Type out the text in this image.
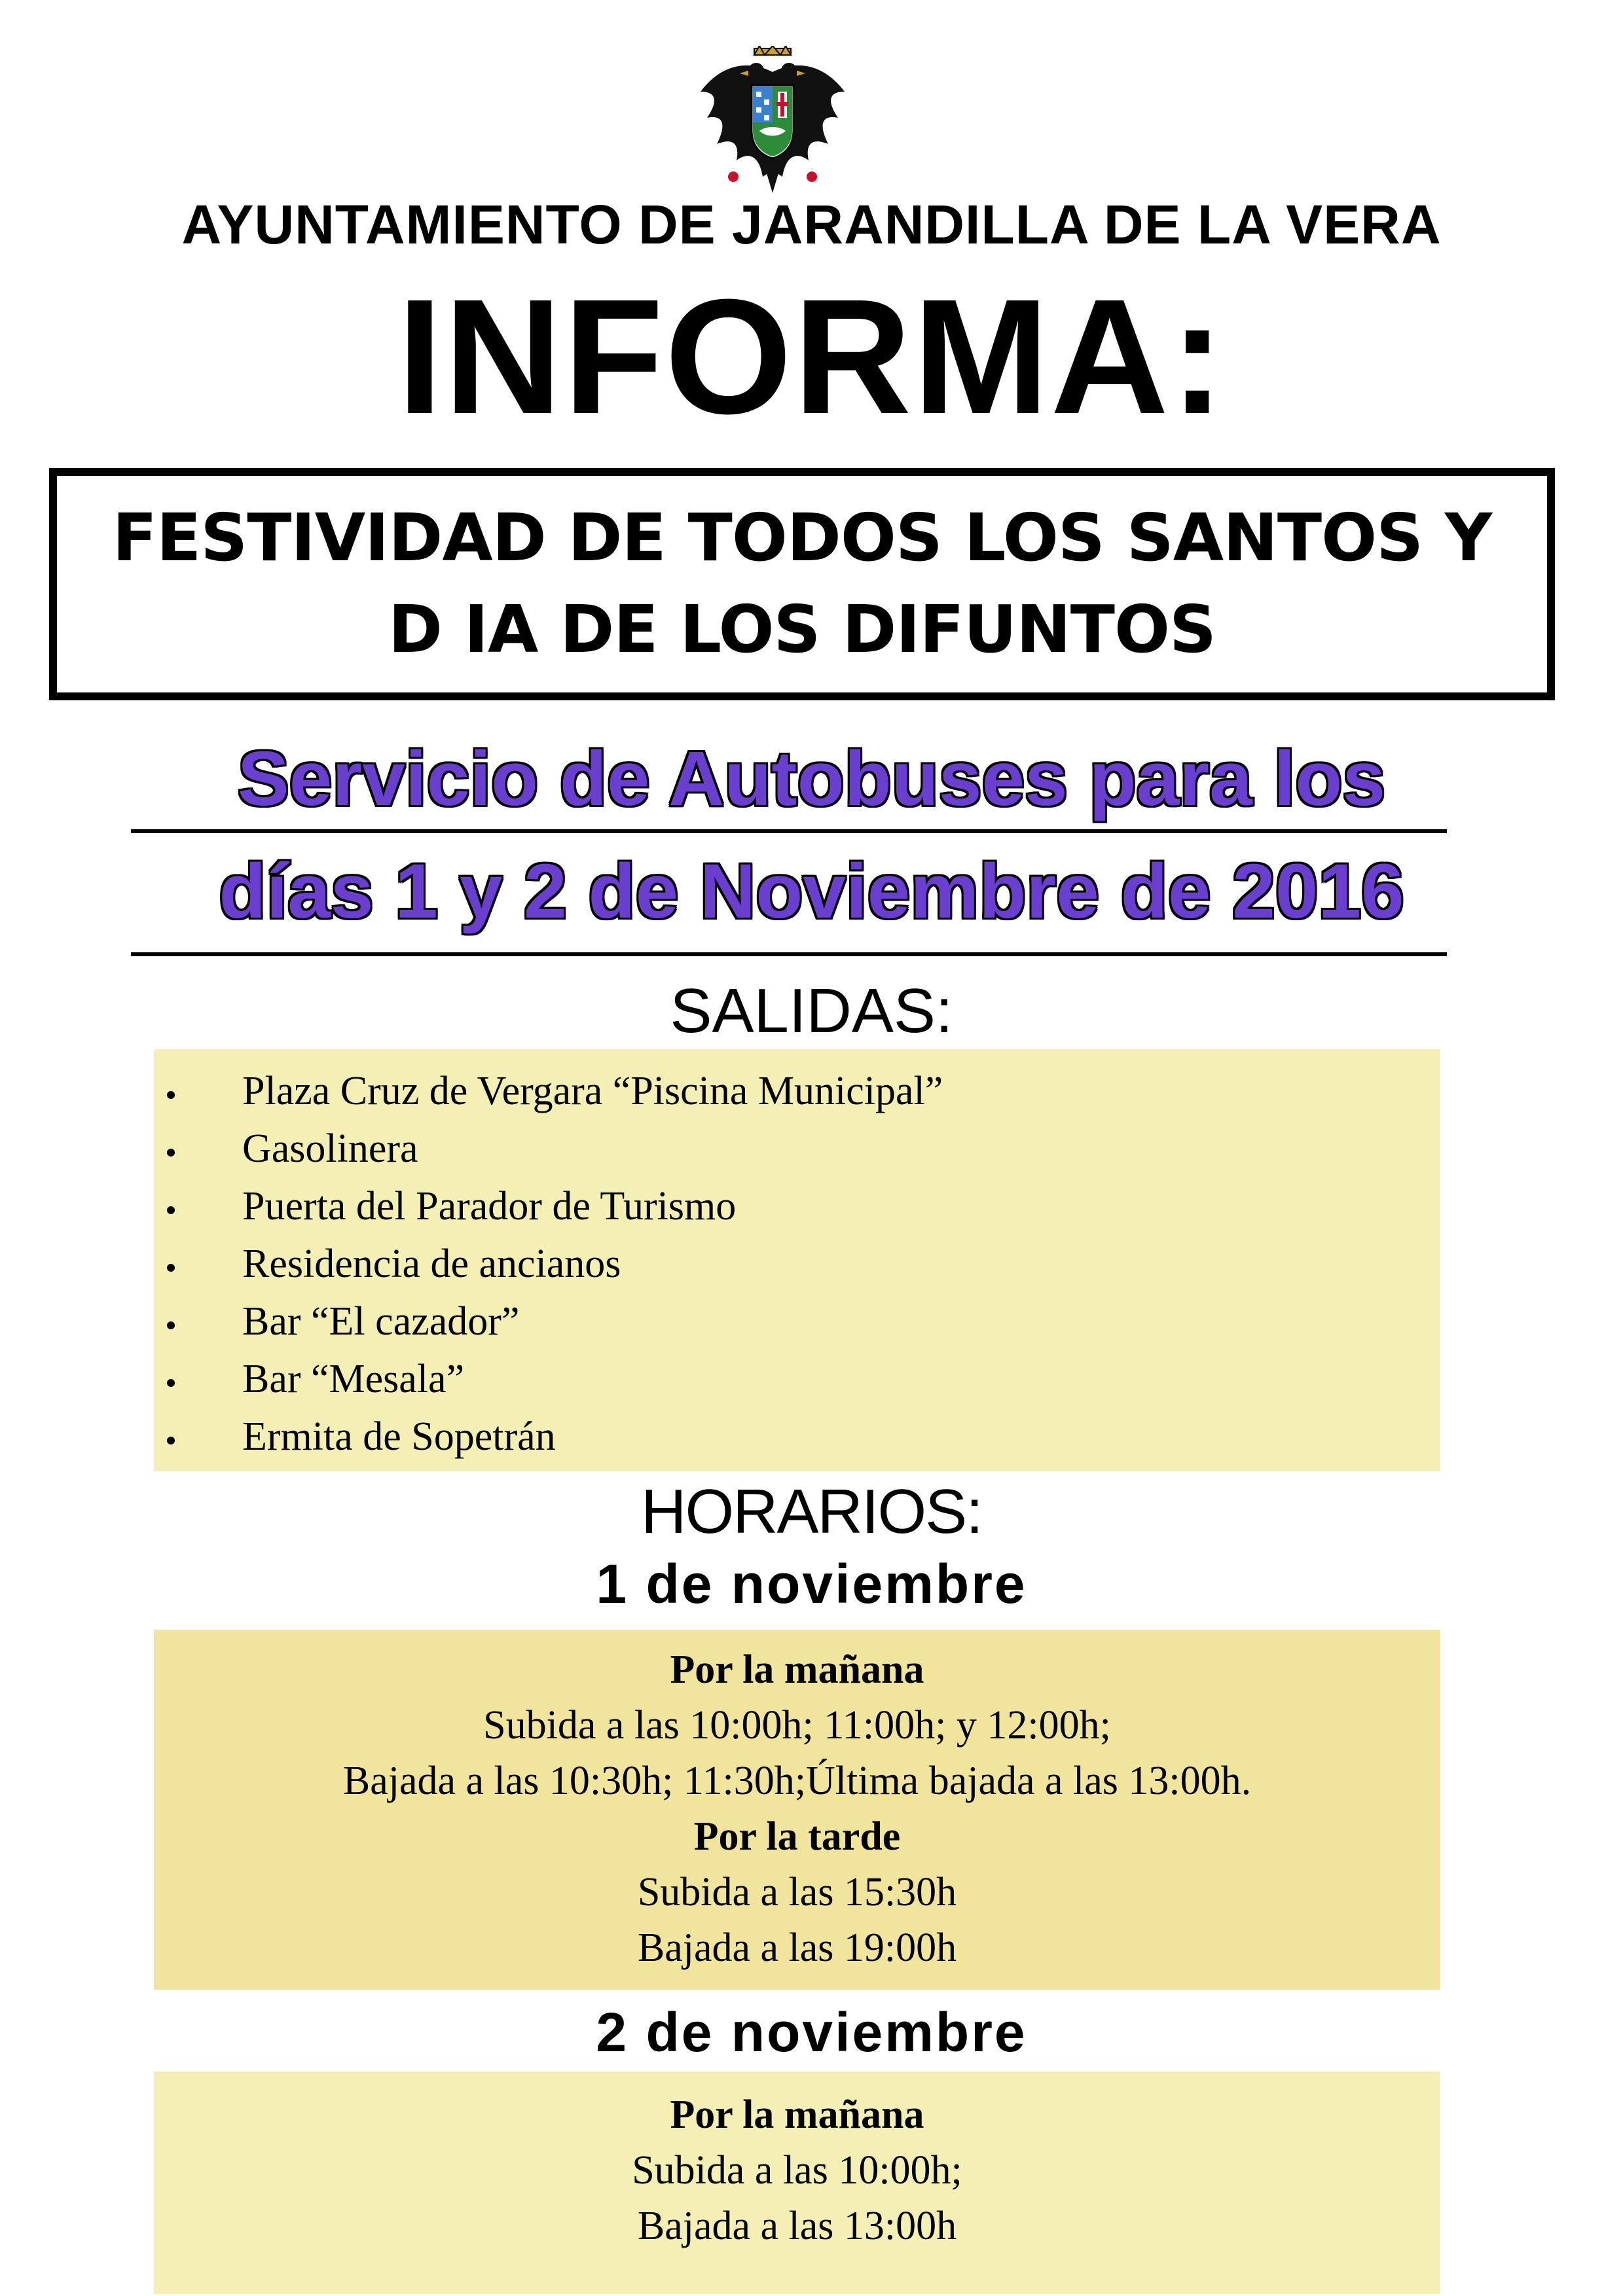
AYUNTAMIENTO DE JARANDILLA DE LA VERA
INFORMA:
FESTIVIDAD DE TODOS LOS SANTOS Y
D IA DE LOS DIFUNTOS
Servicio de Autobuses para los
días 1 y 2 de Noviembre de 2016
SALIDAS:
Plaza Cruz de Vergara “Piscina Municipal”
Gasolinera
Puerta del Parador de Turismo
Residencia de ancianos
Bar “El cazador”
Bar “Mesala”
Ermita de Sopetrán
HORARIOS:
1 de noviembre
Por la mañana
Subida a las 10:00h; 11:00h; y 12:00h;
Bajada a las 10:30h; 11:30h;Última bajada a las 13:00h.
Por la tarde
Subida a las 15:30h
Bajada a las 19:00h
2 de noviembre
Por la mañana
Subida a las 10:00h;
Bajada a las 13:00h
